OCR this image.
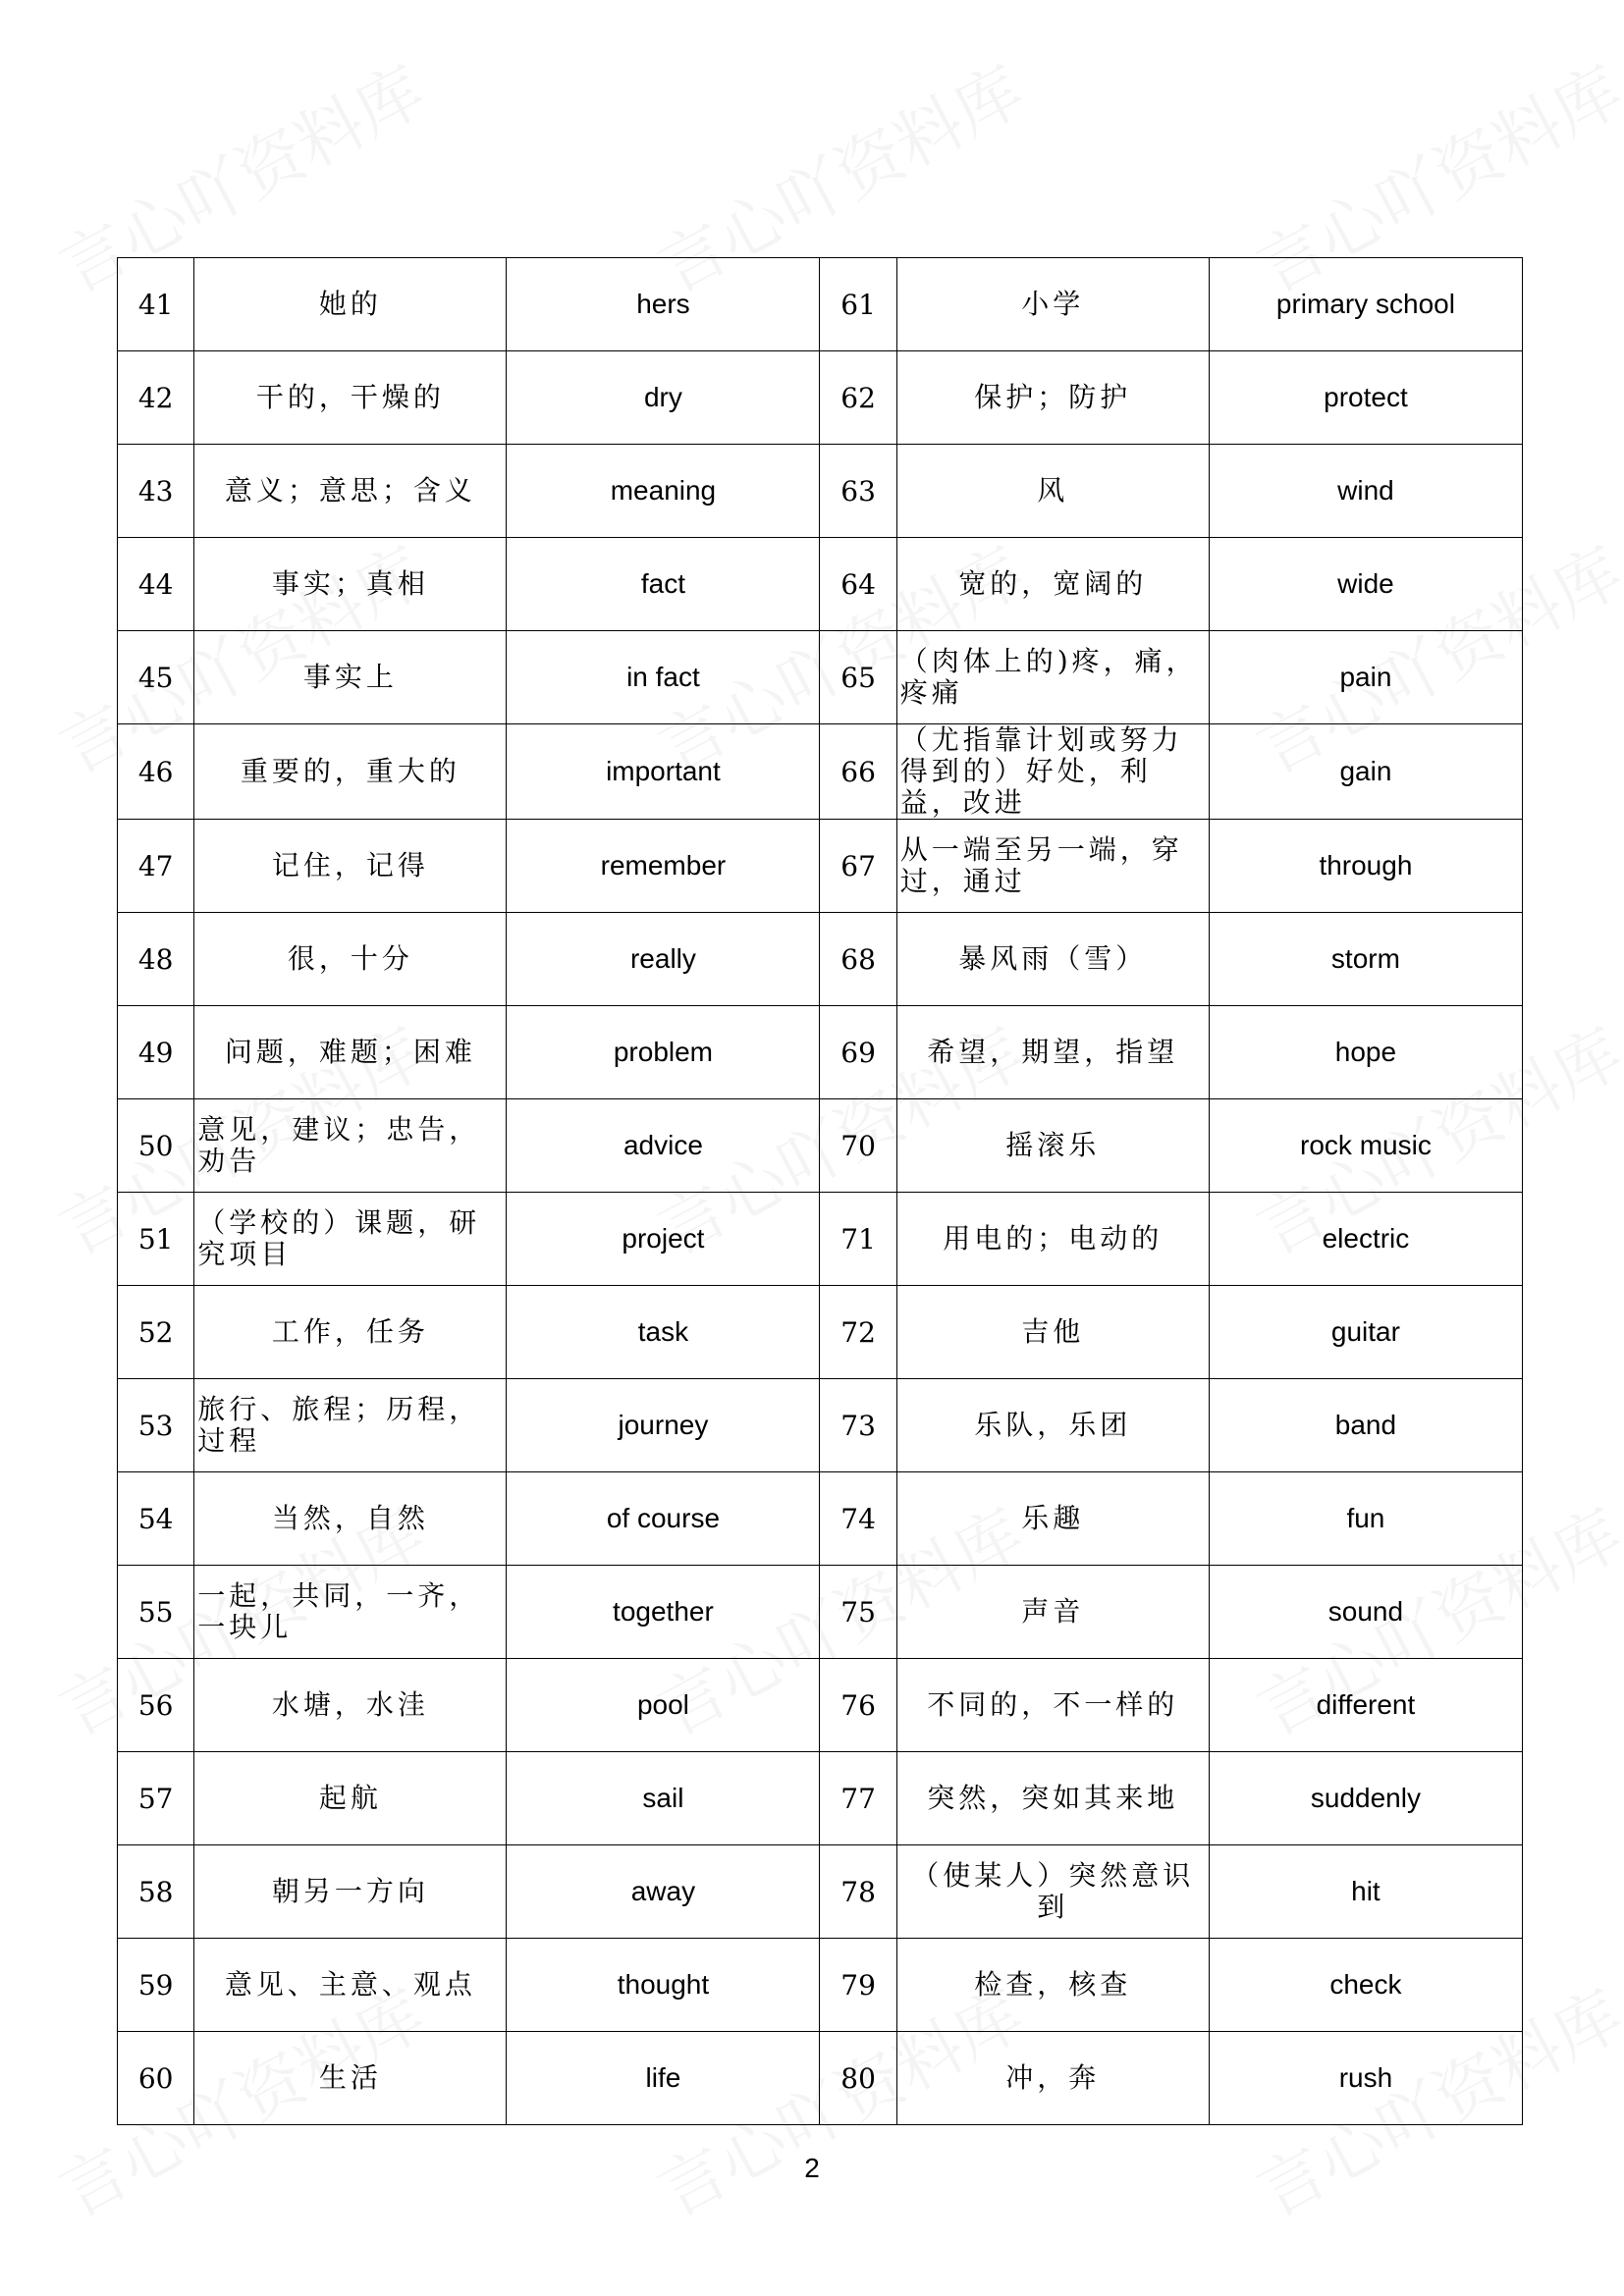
41	她的	hers	61	小学	primary school
42	干的，干燥的	dry	62	保护；防护	protect
43	意义；意思；含义	meaning	63	风	wind
44	事实；真相	fact	64	宽的，宽阔的	wide
45	事实上	in fact	65	（肉体上的)疼，痛，疼痛	pain
46	重要的，重大的	important	66	（尤指靠计划或努力得到的）好处，利益，改进	gain
47	记住，记得	remember	67	从一端至另一端，穿过，通过	through
48	很，十分	really	68	暴风雨（雪）	storm
49	问题，难题；困难	problem	69	希望，期望，指望	hope
50	意见，建议；忠告，劝告	advice	70	摇滚乐	rock music
51	（学校的）课题，研究项目	project	71	用电的；电动的	electric
52	工作，任务	task	72	吉他	guitar
53	旅行、旅程；历程，过程	journey	73	乐队，乐团	band
54	当然，自然	of course	74	乐趣	fun
55	一起，共同，一齐，一块儿	together	75	声音	sound
56	水塘，水洼	pool	76	不同的，不一样的	different
57	起航	sail	77	突然，突如其来地	suddenly
58	朝另一方向	away	78	（使某人）突然意识到	hit
59	意见、主意、观点	thought	79	检查，核查	check
60	生活	life	80	冲，奔	rush
2
